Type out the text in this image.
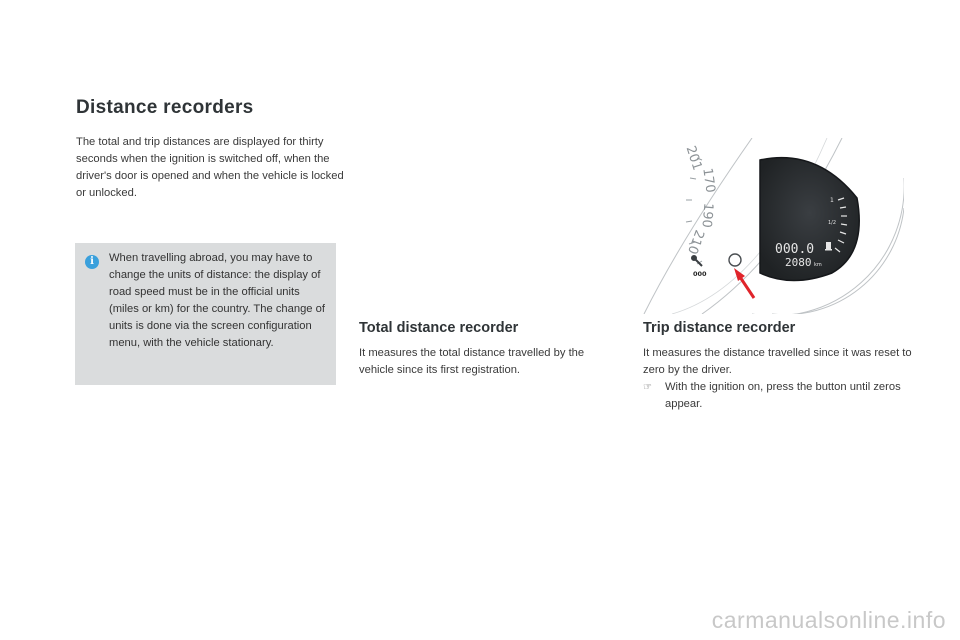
Distance recorders

The total and trip distances are displayed for thirty seconds when the ignition is switched off, when the driver's door is opened and when the vehicle is locked or unlocked.

i	When travelling abroad, you may have to change the units of distance: the display of road speed must be in the official units (miles or km) for the country. The change of units is done via the screen configuration menu, with the vehicle stationary.

201
170
190
210
1
1/2
000.0
2080 km
000
Total distance recorder

It measures the total distance travelled by the vehicle since its first registration.

Trip distance recorder

It measures the distance travelled since it was reset to zero by the driver.

☞	With the ignition on, press the button until zeros appear.
carmanualsonline.info
